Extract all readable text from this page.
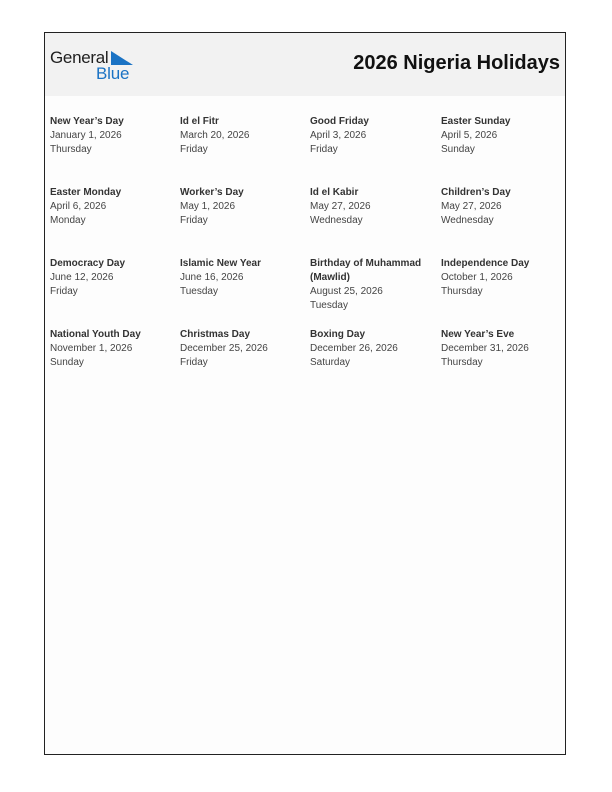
General
Blue	2026 Nigeria Holidays
New Year’s Day
January 1, 2026
Thursday
Id el Fitr
March 20, 2026
Friday
Good Friday
April 3, 2026
Friday
Easter Sunday
April 5, 2026
Sunday
Easter Monday
April 6, 2026
Monday
Worker’s Day
May 1, 2026
Friday
Id el Kabir
May 27, 2026
Wednesday
Children’s Day
May 27, 2026
Wednesday
Democracy Day
June 12, 2026
Friday
Islamic New Year
June 16, 2026
Tuesday
Birthday of Muhammad (Mawlid)
August 25, 2026
Tuesday
Independence Day
October 1, 2026
Thursday
National Youth Day
November 1, 2026
Sunday
Christmas Day
December 25, 2026
Friday
Boxing Day
December 26, 2026
Saturday
New Year’s Eve
December 31, 2026
Thursday
